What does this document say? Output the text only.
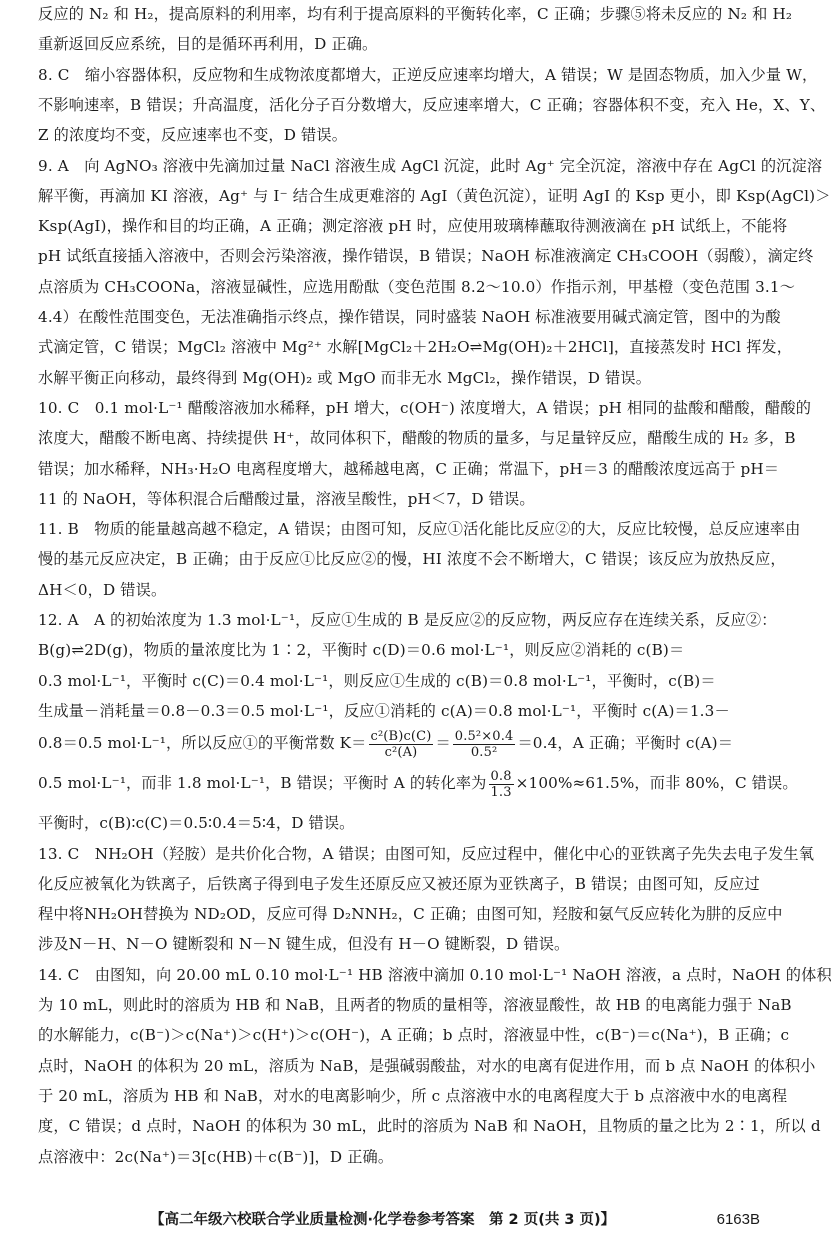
反应的 N₂ 和 H₂，提高原料的利用率，均有利于提高原料的平衡转化率，C 正确；步骤⑤将未反应的 N₂ 和 H₂
重新返回反应系统，目的是循环再利用，D 正确。
8. C　缩小容器体积，反应物和生成物浓度都增大，正逆反应速率均增大，A 错误；W 是固态物质，加入少量 W，
不影响速率，B 错误；升高温度，活化分子百分数增大，反应速率增大，C 正确；容器体积不变，充入 He，X、Y、
Z 的浓度均不变，反应速率也不变，D 错误。
9. A　向 AgNO₃ 溶液中先滴加过量 NaCl 溶液生成 AgCl 沉淀，此时 Ag⁺ 完全沉淀，溶液中存在 AgCl 的沉淀溶
解平衡，再滴加 KI 溶液，Ag⁺ 与 I⁻ 结合生成更难溶的 AgI（黄色沉淀），证明 AgI 的 Ksp 更小，即 Ksp(AgCl)＞
Ksp(AgI)，操作和目的均正确，A 正确；测定溶液 pH 时，应使用玻璃棒蘸取待测液滴在 pH 试纸上，不能将
pH 试纸直接插入溶液中，否则会污染溶液，操作错误，B 错误；NaOH 标准液滴定 CH₃COOH（弱酸），滴定终
点溶质为 CH₃COONa，溶液显碱性，应选用酚酞（变色范围 8.2～10.0）作指示剂，甲基橙（变色范围 3.1～
4.4）在酸性范围变色，无法准确指示终点，操作错误，同时盛装 NaOH 标准液要用碱式滴定管，图中的为酸
式滴定管，C 错误；MgCl₂ 溶液中 Mg²⁺ 水解[MgCl₂＋2H₂O⇌Mg(OH)₂＋2HCl]，直接蒸发时 HCl 挥发，
水解平衡正向移动，最终得到 Mg(OH)₂ 或 MgO 而非无水 MgCl₂，操作错误，D 错误。
10. C　0.1 mol·L⁻¹ 醋酸溶液加水稀释，pH 增大，c(OH⁻) 浓度增大，A 错误；pH 相同的盐酸和醋酸，醋酸的
浓度大，醋酸不断电离、持续提供 H⁺，故同体积下，醋酸的物质的量多，与足量锌反应，醋酸生成的 H₂ 多，B
错误；加水稀释，NH₃·H₂O 电离程度增大，越稀越电离，C 正确；常温下，pH＝3 的醋酸浓度远高于 pH＝
11 的 NaOH，等体积混合后醋酸过量，溶液呈酸性，pH＜7，D 错误。
11. B　物质的能量越高越不稳定，A 错误；由图可知，反应①活化能比反应②的大，反应比较慢，总反应速率由
慢的基元反应决定，B 正确；由于反应①比反应②的慢，HI 浓度不会不断增大，C 错误；该反应为放热反应，
ΔH＜0，D 错误。
12. A　A 的初始浓度为 1.3 mol·L⁻¹，反应①生成的 B 是反应②的反应物，两反应存在连续关系，反应②：
B(g)⇌2D(g)，物质的量浓度比为 1∶2，平衡时 c(D)＝0.6 mol·L⁻¹，则反应②消耗的 c(B)＝
0.3 mol·L⁻¹，平衡时 c(C)＝0.4 mol·L⁻¹，则反应①生成的 c(B)＝0.8 mol·L⁻¹，平衡时，c(B)＝
生成量－消耗量＝0.8－0.3＝0.5 mol·L⁻¹，反应①消耗的 c(A)＝0.8 mol·L⁻¹，平衡时 c(A)＝1.3－
0.8＝0.5 mol·L⁻¹，所以反应①的平衡常数 $K= \frac{\text{c²(B)c(C)}}{\text{c²(A)}} = \frac{\text{0.5²×0.4}}{\text{0.5²}} =0.4$，A 正确；平衡时 c(A)＝
0.5 mol·L⁻¹，而非 1.8 mol·L⁻¹，B 错误；平衡时 A 的转化率为 $\frac{0.8}{1.3} \times 100\%\approx 61.5\%$，而非 80%，C 错误。
平衡时，c(B)∶c(C)＝0.5∶0.4＝5∶4，D 错误。
13. C　NH₂OH（羟胺）是共价化合物，A 错误；由图可知，反应过程中，催化中心的亚铁离子先失去电子发生氧
化反应被氧化为铁离子，后铁离子得到电子发生还原反应又被还原为亚铁离子，B 错误；由图可知，反应过
程中将NH₂OH替换为 ND₂OD，反应可得 D₂NNH₂，C 正确；由图可知，羟胺和氨气反应转化为肼的反应中
涉及N－H、N－O 键断裂和 N－N 键生成，但没有 H－O 键断裂，D 错误。
14. C　由图知，向 20.00 mL 0.10 mol·L⁻¹ HB 溶液中滴加 0.10 mol·L⁻¹ NaOH 溶液，a 点时，NaOH 的体积
为 10 mL，则此时的溶质为 HB 和 NaB，且两者的物质的量相等，溶液显酸性，故 HB 的电离能力强于 NaB
的水解能力，c(B⁻)＞c(Na⁺)＞c(H⁺)＞c(OH⁻)，A 正确；b 点时，溶液显中性，c(B⁻)＝c(Na⁺)，B 正确；c
点时，NaOH 的体积为 20 mL，溶质为 NaB，是强碱弱酸盐，对水的电离有促进作用，而 b 点 NaOH 的体积小
于 20 mL，溶质为 HB 和 NaB，对水的电离影响少，所 c 点溶液中水的电离程度大于 b 点溶液中水的电离程
度，C 错误；d 点时，NaOH 的体积为 30 mL，此时的溶质为 NaB 和 NaOH，且物质的量之比为 2∶1，所以 d
点溶液中：2c(Na⁺)＝3[c(HB)＋c(B⁻)]，D 正确。
【高二年级六校联合学业质量检测·化学卷参考答案　第 2 页(共 3 页)】	6163B
